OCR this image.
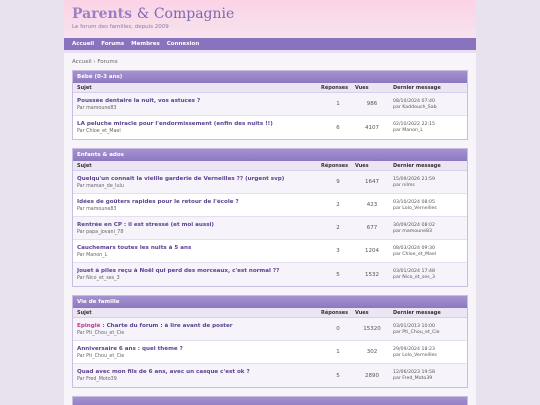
Parents & Compagnie
Le forum des familles, depuis 2009
Accueil Forums Membres Connexion
Accueil › Forums
Bébé (0-3 ans)
Sujet	Réponses	Vues	Dernier message
Poussée dentaire la nuit, vos astuces ?
Par mamoune83
1	986	08/10/2024 07:40
par Kaddouch_Sab
LA peluche miracle pour l'endormissement (enfin des nuits !!)
Par Chloe_et_Mael
6	4107	02/10/2022 22:15
par Manon_L
Enfants & ados
Sujet	Réponses	Vues	Dernier message
Quelqu'un connaît la vieille garderie de Verneilles ?? (urgent svp)
Par maman_de_lulu
9	1647	15/09/2026 23:59
par nilms
Idées de goûters rapides pour le retour de l'école ?
Par mamoune83
2	423	03/10/2024 08:05
par Lolo_Verneilles
Rentrée en CP : il est stressé (et moi aussi)
Par papa_jovani_78
2	677	30/09/2024 08:02
par mamoune83
Cauchemars toutes les nuits à 5 ans
Par Manon_L
3	1204	08/03/2024 09:30
par Chloe_et_Mael
Jouet à piles reçu à Noël qui perd des morceaux, c'est normal ??
Par Nico_et_ses_3
5	1532	03/01/2024 17:48
par Nico_et_ses_3
Vie de famille
Sujet	Réponses	Vues	Dernier message
Épinglé : Charte du forum : à lire avant de poster
Par Pti_Chou_et_Cie
0	15320	03/01/2013 10:00
par Pti_Chou_et_Cie
Anniversaire 6 ans : quel thème ?
Par Pti_Chou_et_Cie
1	302	29/09/2024 18:23
par Lolo_Verneilles
Quad avec mon fils de 6 ans, avec un casque c'est ok ?
Par Fred_Moto39
5	2890	12/06/2023 19:58
par Fred_Moto39
